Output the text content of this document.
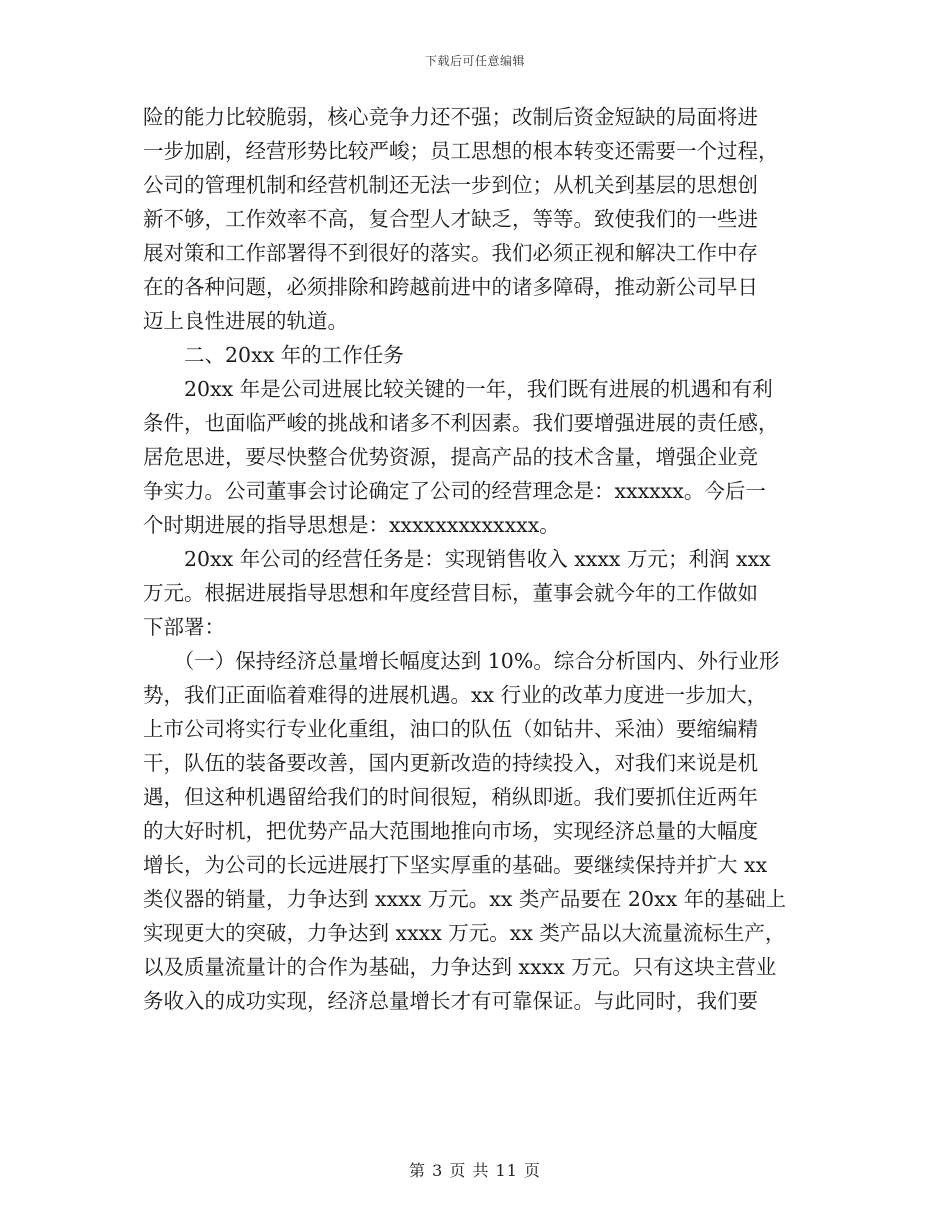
下载后可任意编辑
险的能力比较脆弱，核心竞争力还不强；改制后资金短缺的局面将进
一步加剧，经营形势比较严峻；员工思想的根本转变还需要一个过程，
公司的管理机制和经营机制还无法一步到位；从机关到基层的思想创
新不够，工作效率不高，复合型人才缺乏，等等。致使我们的一些进
展对策和工作部署得不到很好的落实。我们必须正视和解决工作中存
在的各种问题，必须排除和跨越前进中的诸多障碍，推动新公司早日
迈上良性进展的轨道。
二、20xx 年的工作任务
20xx 年是公司进展比较关键的一年，我们既有进展的机遇和有利
条件，也面临严峻的挑战和诸多不利因素。我们要增强进展的责任感，
居危思进，要尽快整合优势资源，提高产品的技术含量，增强企业竞
争实力。公司董事会讨论确定了公司的经营理念是：xxxxxx。今后一
个时期进展的指导思想是：xxxxxxxxxxxxx。
20xx 年公司的经营任务是：实现销售收入 xxxx 万元；利润 xxx
万元。根据进展指导思想和年度经营目标，董事会就今年的工作做如
下部署：
（一）保持经济总量增长幅度达到 10%。综合分析国内、外行业形
势，我们正面临着难得的进展机遇。xx 行业的改革力度进一步加大，
上市公司将实行专业化重组，油口的队伍（如钻井、采油）要缩编精
干，队伍的装备要改善，国内更新改造的持续投入，对我们来说是机
遇，但这种机遇留给我们的时间很短，稍纵即逝。我们要抓住近两年
的大好时机，把优势产品大范围地推向市场，实现经济总量的大幅度
增长，为公司的长远进展打下坚实厚重的基础。要继续保持并扩大 xx
类仪器的销量，力争达到 xxxx 万元。xx 类产品要在 20xx 年的基础上
实现更大的突破，力争达到 xxxx 万元。xx 类产品以大流量流标生产，
以及质量流量计的合作为基础，力争达到 xxxx 万元。只有这块主营业
务收入的成功实现，经济总量增长才有可靠保证。与此同时，我们要
第 3 页 共 11 页
